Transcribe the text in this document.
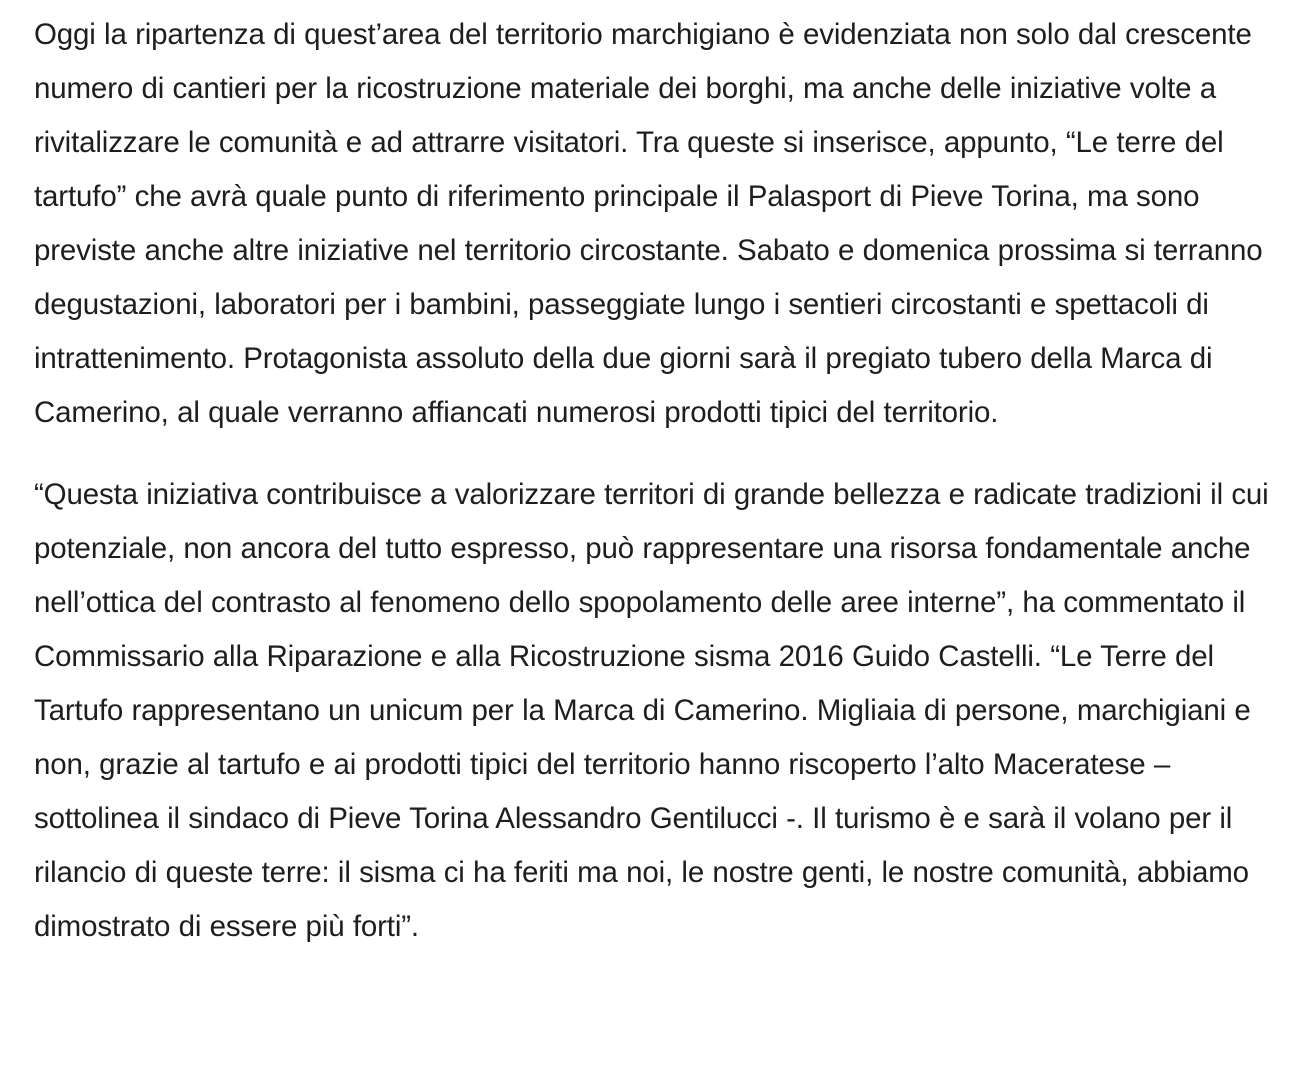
Oggi la ripartenza di quest’area del territorio marchigiano è evidenziata non solo dal crescente numero di cantieri per la ricostruzione materiale dei borghi, ma anche delle iniziative volte a rivitalizzare le comunità e ad attrarre visitatori. Tra queste si inserisce, appunto, “Le terre del tartufo” che avrà quale punto di riferimento principale il Palasport di Pieve Torina, ma sono previste anche altre iniziative nel territorio circostante. Sabato e domenica prossima si terranno degustazioni, laboratori per i bambini, passeggiate lungo i sentieri circostanti e spettacoli di intrattenimento. Protagonista assoluto della due giorni sarà il pregiato tubero della Marca di Camerino, al quale verranno affiancati numerosi prodotti tipici del territorio.

“Questa iniziativa contribuisce a valorizzare territori di grande bellezza e radicate tradizioni il cui potenziale, non ancora del tutto espresso, può rappresentare una risorsa fondamentale anche nell’ottica del contrasto al fenomeno dello spopolamento delle aree interne”, ha commentato il Commissario alla Riparazione e alla Ricostruzione sisma 2016 Guido Castelli. “Le Terre del Tartufo rappresentano un unicum per la Marca di Camerino. Migliaia di persone, marchigiani e non, grazie al tartufo e ai prodotti tipici del territorio hanno riscoperto l’alto Maceratese – sottolinea il sindaco di Pieve Torina Alessandro Gentilucci -. Il turismo è e sarà il volano per il rilancio di queste terre: il sisma ci ha feriti ma noi, le nostre genti, le nostre comunità, abbiamo dimostrato di essere più forti”.
